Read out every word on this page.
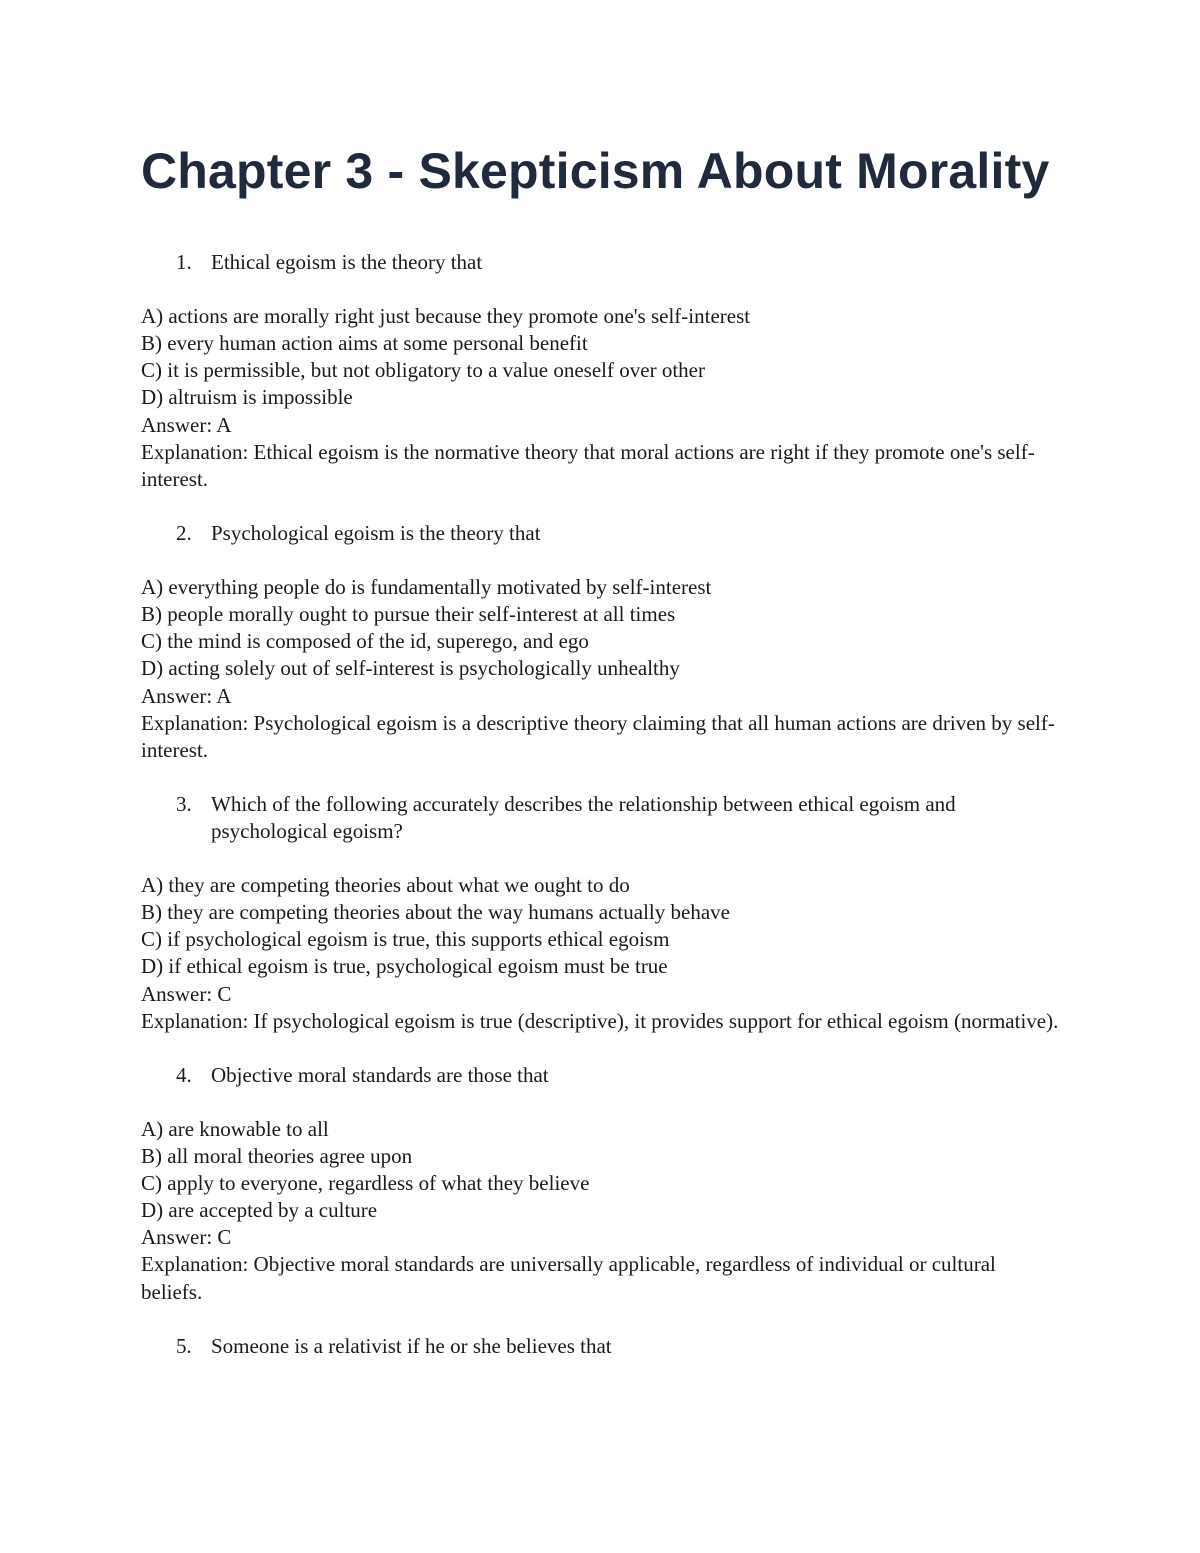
Chapter 3 - Skepticism About Morality
1. Ethical egoism is the theory that
A) actions are morally right just because they promote one's self-interest
B) every human action aims at some personal benefit
C) it is permissible, but not obligatory to a value oneself over other
D) altruism is impossible
Answer: A
Explanation: Ethical egoism is the normative theory that moral actions are right if they promote one's self-interest.
2. Psychological egoism is the theory that
A) everything people do is fundamentally motivated by self-interest
B) people morally ought to pursue their self-interest at all times
C) the mind is composed of the id, superego, and ego
D) acting solely out of self-interest is psychologically unhealthy
Answer: A
Explanation: Psychological egoism is a descriptive theory claiming that all human actions are driven by self-interest.
3. Which of the following accurately describes the relationship between ethical egoism and psychological egoism?
A) they are competing theories about what we ought to do
B) they are competing theories about the way humans actually behave
C) if psychological egoism is true, this supports ethical egoism
D) if ethical egoism is true, psychological egoism must be true
Answer: C
Explanation: If psychological egoism is true (descriptive), it provides support for ethical egoism (normative).
4. Objective moral standards are those that
A) are knowable to all
B) all moral theories agree upon
C) apply to everyone, regardless of what they believe
D) are accepted by a culture
Answer: C
Explanation: Objective moral standards are universally applicable, regardless of individual or cultural beliefs.
5. Someone is a relativist if he or she believes that
